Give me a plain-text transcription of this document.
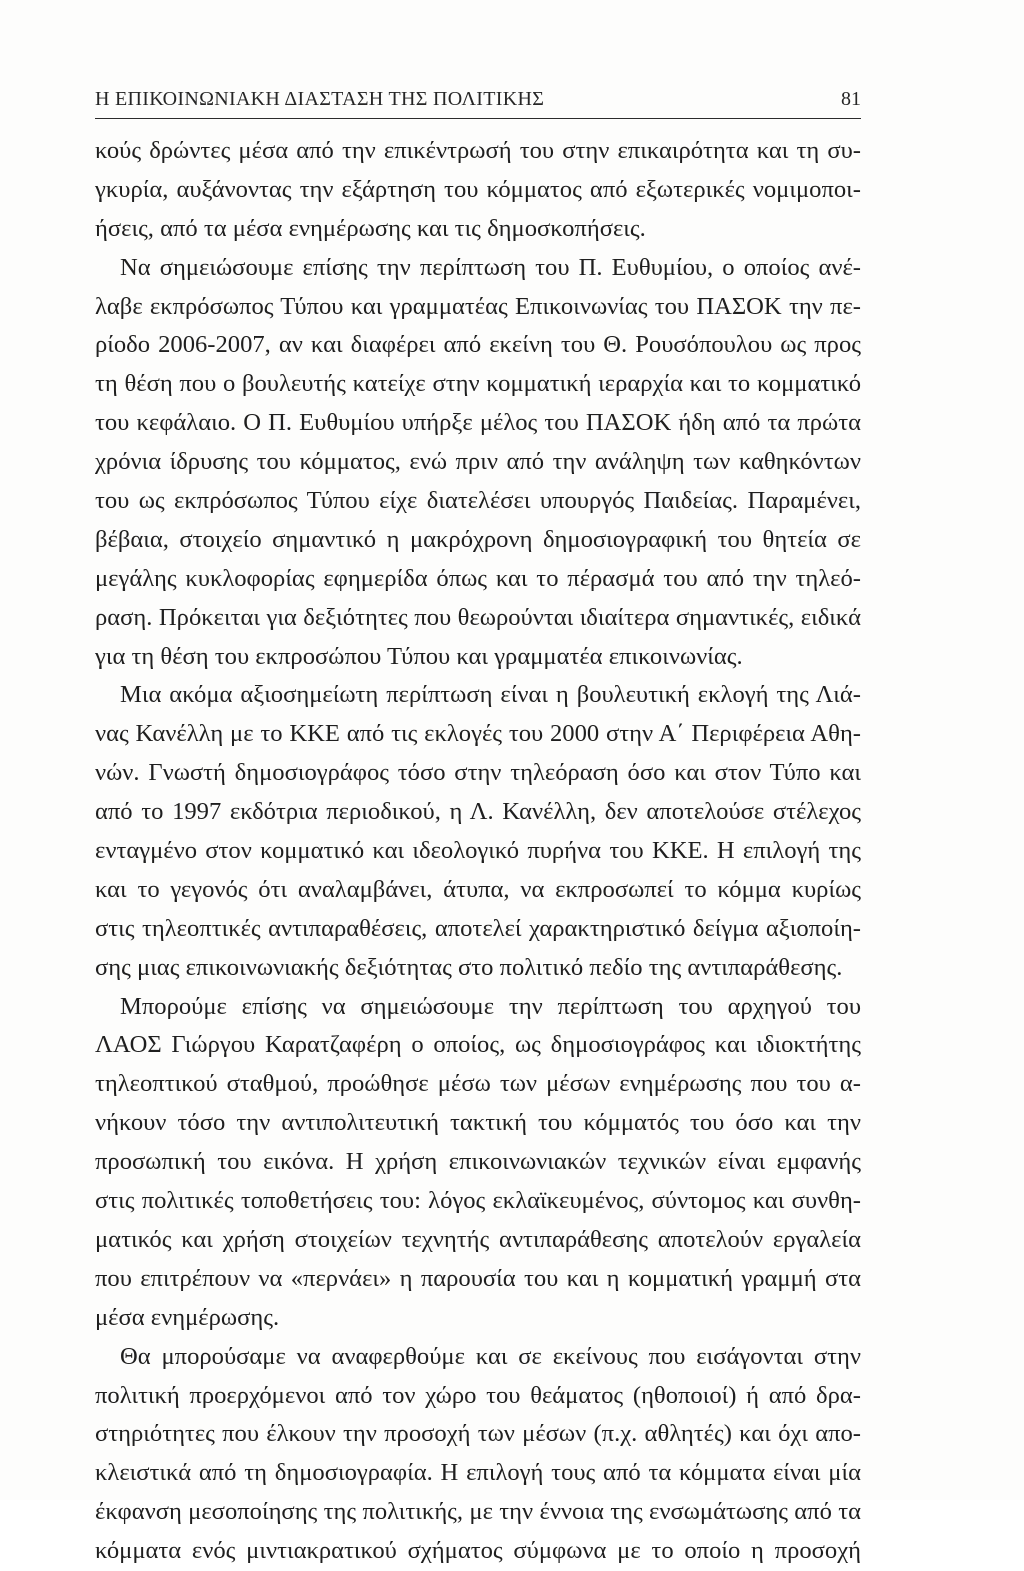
Η ΕΠΙΚΟΙΝΩΝΙΑΚΗ ΔΙΑΣΤΑΣΗ ΤΗΣ ΠΟΛΙΤΙΚΗΣ	81
κούς δρώντες μέσα από την επικέντρωσή του στην επικαιρότητα και τη συ-
γκυρία, αυξάνοντας την εξάρτηση του κόμματος από εξωτερικές νομιμοποι-
ήσεις, από τα μέσα ενημέρωσης και τις δημοσκοπήσεις.
Να σημειώσουμε επίσης την περίπτωση του Π. Ευθυμίου, ο οποίος ανέ-
λαβε εκπρόσωπος Τύπου και γραμματέας Επικοινωνίας του ΠΑΣΟΚ την πε-
ρίοδο 2006-2007, αν και διαφέρει από εκείνη του Θ. Ρουσόπουλου ως προς
τη θέση που ο βουλευτής κατείχε στην κομματική ιεραρχία και το κομματικό
του κεφάλαιο. Ο Π. Ευθυμίου υπήρξε μέλος του ΠΑΣΟΚ ήδη από τα πρώτα
χρόνια ίδρυσης του κόμματος, ενώ πριν από την ανάληψη των καθηκόντων
του ως εκπρόσωπος Τύπου είχε διατελέσει υπουργός Παιδείας. Παραμένει,
βέβαια, στοιχείο σημαντικό η μακρόχρονη δημοσιογραφική του θητεία σε
μεγάλης κυκλοφορίας εφημερίδα όπως και το πέρασμά του από την τηλεό-
ραση. Πρόκειται για δεξιότητες που θεωρούνται ιδιαίτερα σημαντικές, ειδικά
για τη θέση του εκπροσώπου Τύπου και γραμματέα επικοινωνίας.
Μια ακόμα αξιοσημείωτη περίπτωση είναι η βουλευτική εκλογή της Λιά-
νας Κανέλλη με το ΚΚΕ από τις εκλογές του 2000 στην Α΄ Περιφέρεια Αθη-
νών. Γνωστή δημοσιογράφος τόσο στην τηλεόραση όσο και στον Τύπο και
από το 1997 εκδότρια περιοδικού, η Λ. Κανέλλη, δεν αποτελούσε στέλεχος
ενταγμένο στον κομματικό και ιδεολογικό πυρήνα του ΚΚΕ. Η επιλογή της
και το γεγονός ότι αναλαμβάνει, άτυπα, να εκπροσωπεί το κόμμα κυρίως
στις τηλεοπτικές αντιπαραθέσεις, αποτελεί χαρακτηριστικό δείγμα αξιοποίη-
σης μιας επικοινωνιακής δεξιότητας στο πολιτικό πεδίο της αντιπαράθεσης.
Μπορούμε επίσης να σημειώσουμε την περίπτωση του αρχηγού του
ΛΑΟΣ Γιώργου Καρατζαφέρη ο οποίος, ως δημοσιογράφος και ιδιοκτήτης
τηλεοπτικού σταθμού, προώθησε μέσω των μέσων ενημέρωσης που του α-
νήκουν τόσο την αντιπολιτευτική τακτική του κόμματός του όσο και την
προσωπική του εικόνα. Η χρήση επικοινωνιακών τεχνικών είναι εμφανής
στις πολιτικές τοποθετήσεις του: λόγος εκλαϊκευμένος, σύντομος και συνθη-
ματικός και χρήση στοιχείων τεχνητής αντιπαράθεσης αποτελούν εργαλεία
που επιτρέπουν να «περνάει» η παρουσία του και η κομματική γραμμή στα
μέσα ενημέρωσης.
Θα μπορούσαμε να αναφερθούμε και σε εκείνους που εισάγονται στην
πολιτική προερχόμενοι από τον χώρο του θεάματος (ηθοποιοί) ή από δρα-
στηριότητες που έλκουν την προσοχή των μέσων (π.χ. αθλητές) και όχι απο-
κλειστικά από τη δημοσιογραφία. Η επιλογή τους από τα κόμματα είναι μία
έκφανση μεσοποίησης της πολιτικής, με την έννοια της ενσωμάτωσης από τα
κόμματα ενός μιντιακρατικού σχήματος σύμφωνα με το οποίο η προσοχή
